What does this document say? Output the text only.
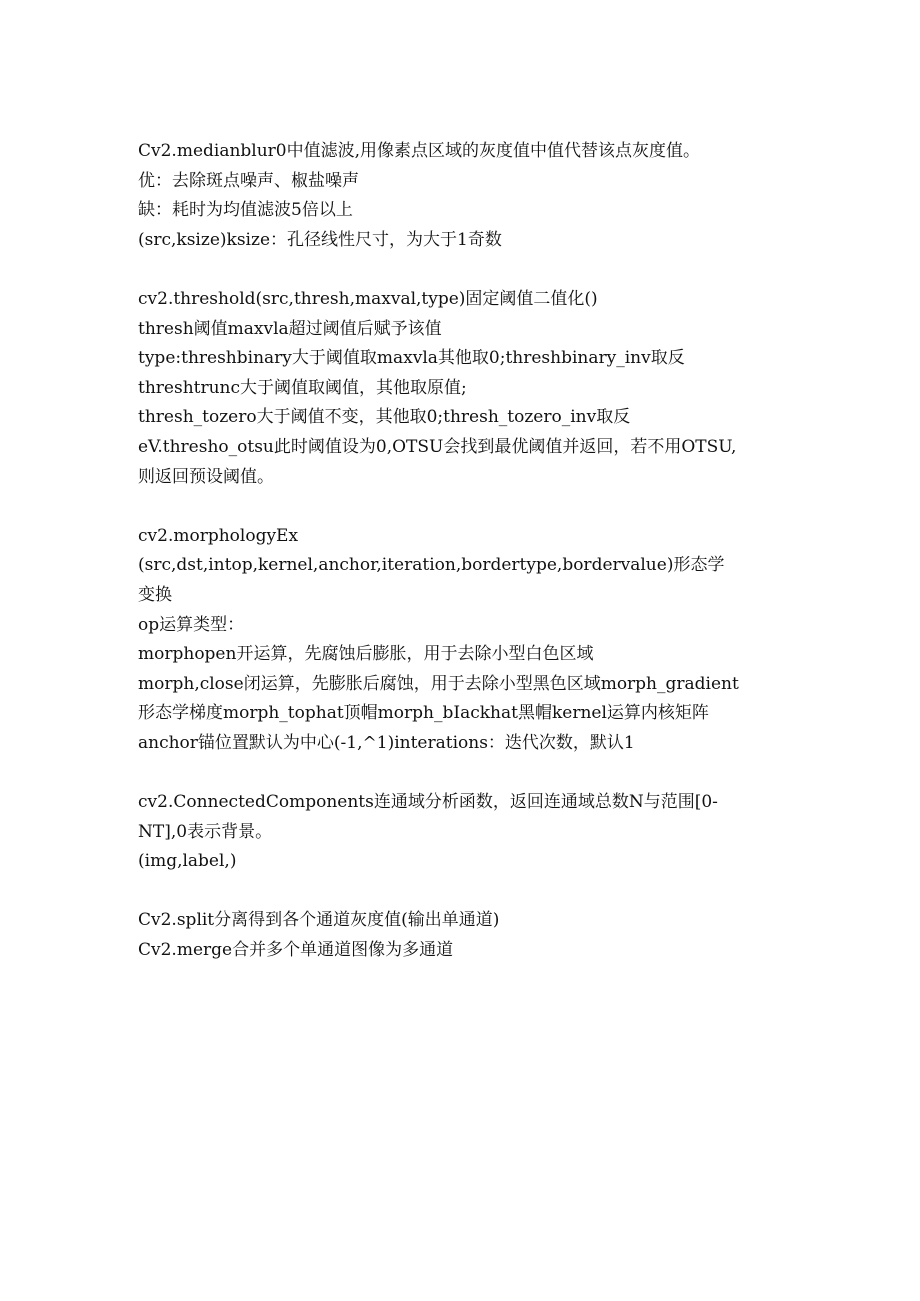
Cv2.medianblur0中值滤波,用像素点区域的灰度值中值代替该点灰度值。
优：去除斑点噪声、椒盐噪声
缺：耗时为均值滤波5倍以上
(src,ksize)ksize：孔径线性尺寸，为大于1奇数
cv2.threshold(src,thresh,maxval,type)固定阈值二值化()
thresh阈值maxvla超过阈值后赋予该值
type:threshbinary大于阈值取maxvla其他取0;threshbinary_inv取反
threshtrunc大于阈值取阈值，其他取原值;
thresh_tozero大于阈值不变，其他取0;thresh_tozero_inv取反
eV.thresho_otsu此时阈值设为0,OTSU会找到最优阈值并返回，若不用OTSU,
则返回预设阈值。
cv2.morphologyEx
(src,dst,intop,kernel,anchor,iteration,bordertype,bordervalue)形态学
变换
op运算类型：
morphopen开运算，先腐蚀后膨胀，用于去除小型白色区域
morph,close闭运算，先膨胀后腐蚀，用于去除小型黑色区域morph_gradient
形态学梯度morph_tophat顶帽morph_bIackhat黑帽kernel运算内核矩阵
anchor锚位置默认为中心(-1,^1)interations：迭代次数，默认1
cv2.ConnectedComponents连通域分析函数，返回连通域总数N与范围[0-
NT],0表示背景。
(img,label,)
Cv2.split分离得到各个通道灰度值(输出单通道)
Cv2.merge合并多个单通道图像为多通道
